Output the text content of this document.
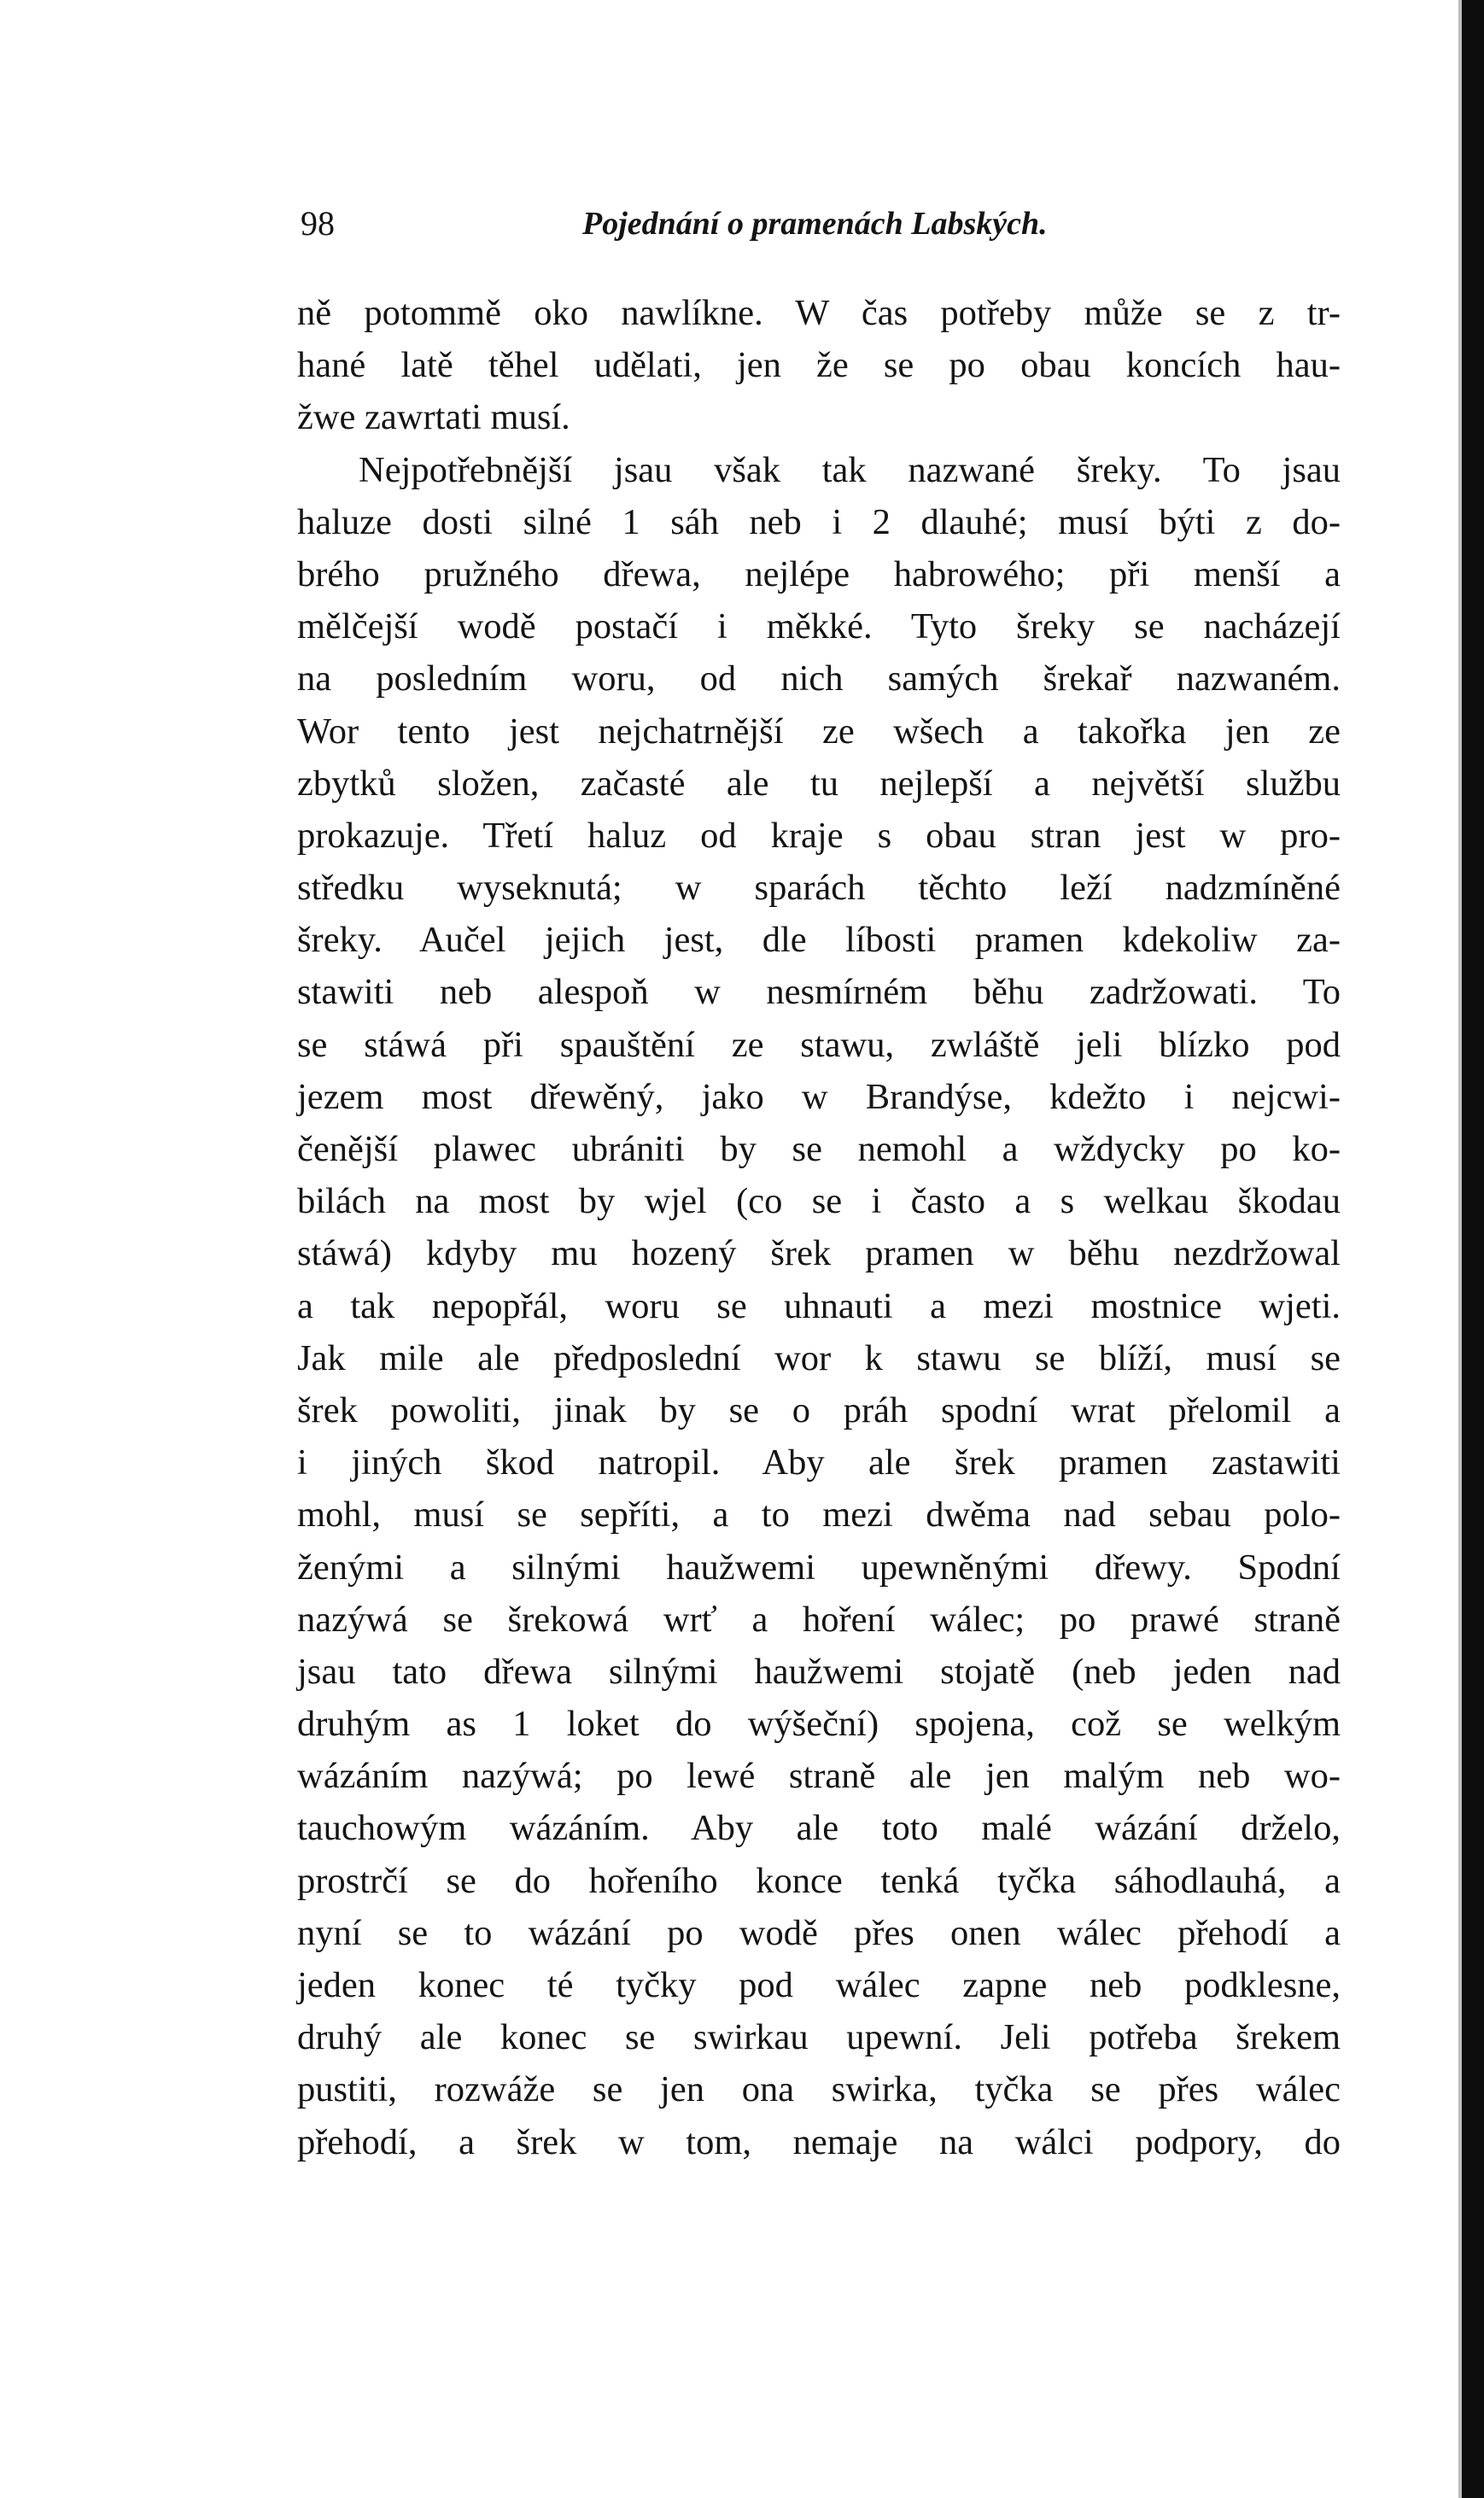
98	Pojednání o pramenách Labských.
ně potommě oko nawlíkne. W čas potřeby může se z tr-
hané latě těhel udělati, jen že se po obau koncích hau-
žwe zawrtati musí.
Nejpotřebnější jsau však tak nazwané šreky. To jsau
haluze dosti silné 1 sáh neb i 2 dlauhé; musí býti z do-
brého pružného dřewa, nejlépe habrowého; při menší a
mělčejší wodě postačí i měkké. Tyto šreky se nacházejí
na posledním woru, od nich samých šrekař nazwaném.
Wor tento jest nejchatrnější ze wšech a takořka jen ze
zbytků složen, začasté ale tu nejlepší a největší službu
prokazuje. Třetí haluz od kraje s obau stran jest w pro-
středku wyseknutá; w sparách těchto leží nadzmíněné
šreky. Aučel jejich jest, dle líbosti pramen kdekoliw za-
stawiti neb alespoň w nesmírném běhu zadržowati. To
se stáwá při spauštění ze stawu, zwláště jeli blízko pod
jezem most dřewěný, jako w Brandýse, kdežto i nejcwi-
čenější plawec ubrániti by se nemohl a wždycky po ko-
bilách na most by wjel (co se i často a s welkau škodau
stáwá) kdyby mu hozený šrek pramen w běhu nezdržowal
a tak nepopřál, woru se uhnauti a mezi mostnice wjeti.
Jak mile ale předposlední wor k stawu se blíží, musí se
šrek powoliti, jinak by se o práh spodní wrat přelomil a
i jiných škod natropil. Aby ale šrek pramen zastawiti
mohl, musí se sepříti, a to mezi dwěma nad sebau polo-
ženými a silnými haužwemi upewněnými dřewy. Spodní
nazýwá se šrekowá wrť a hoření wálec; po prawé straně
jsau tato dřewa silnými haužwemi stojatě (neb jeden nad
druhým as 1 loket do wýšeční) spojena, což se welkým
wázáním nazýwá; po lewé straně ale jen malým neb wo-
tauchowým wázáním. Aby ale toto malé wázání drželo,
prostrčí se do hořeního konce tenká tyčka sáhodlauhá, a
nyní se to wázání po wodě přes onen wálec přehodí a
jeden konec té tyčky pod wálec zapne neb podklesne,
druhý ale konec se swirkau upewní. Jeli potřeba šrekem
pustiti, rozwáže se jen ona swirka, tyčka se přes wálec
přehodí, a šrek w tom, nemaje na wálci podpory, do
